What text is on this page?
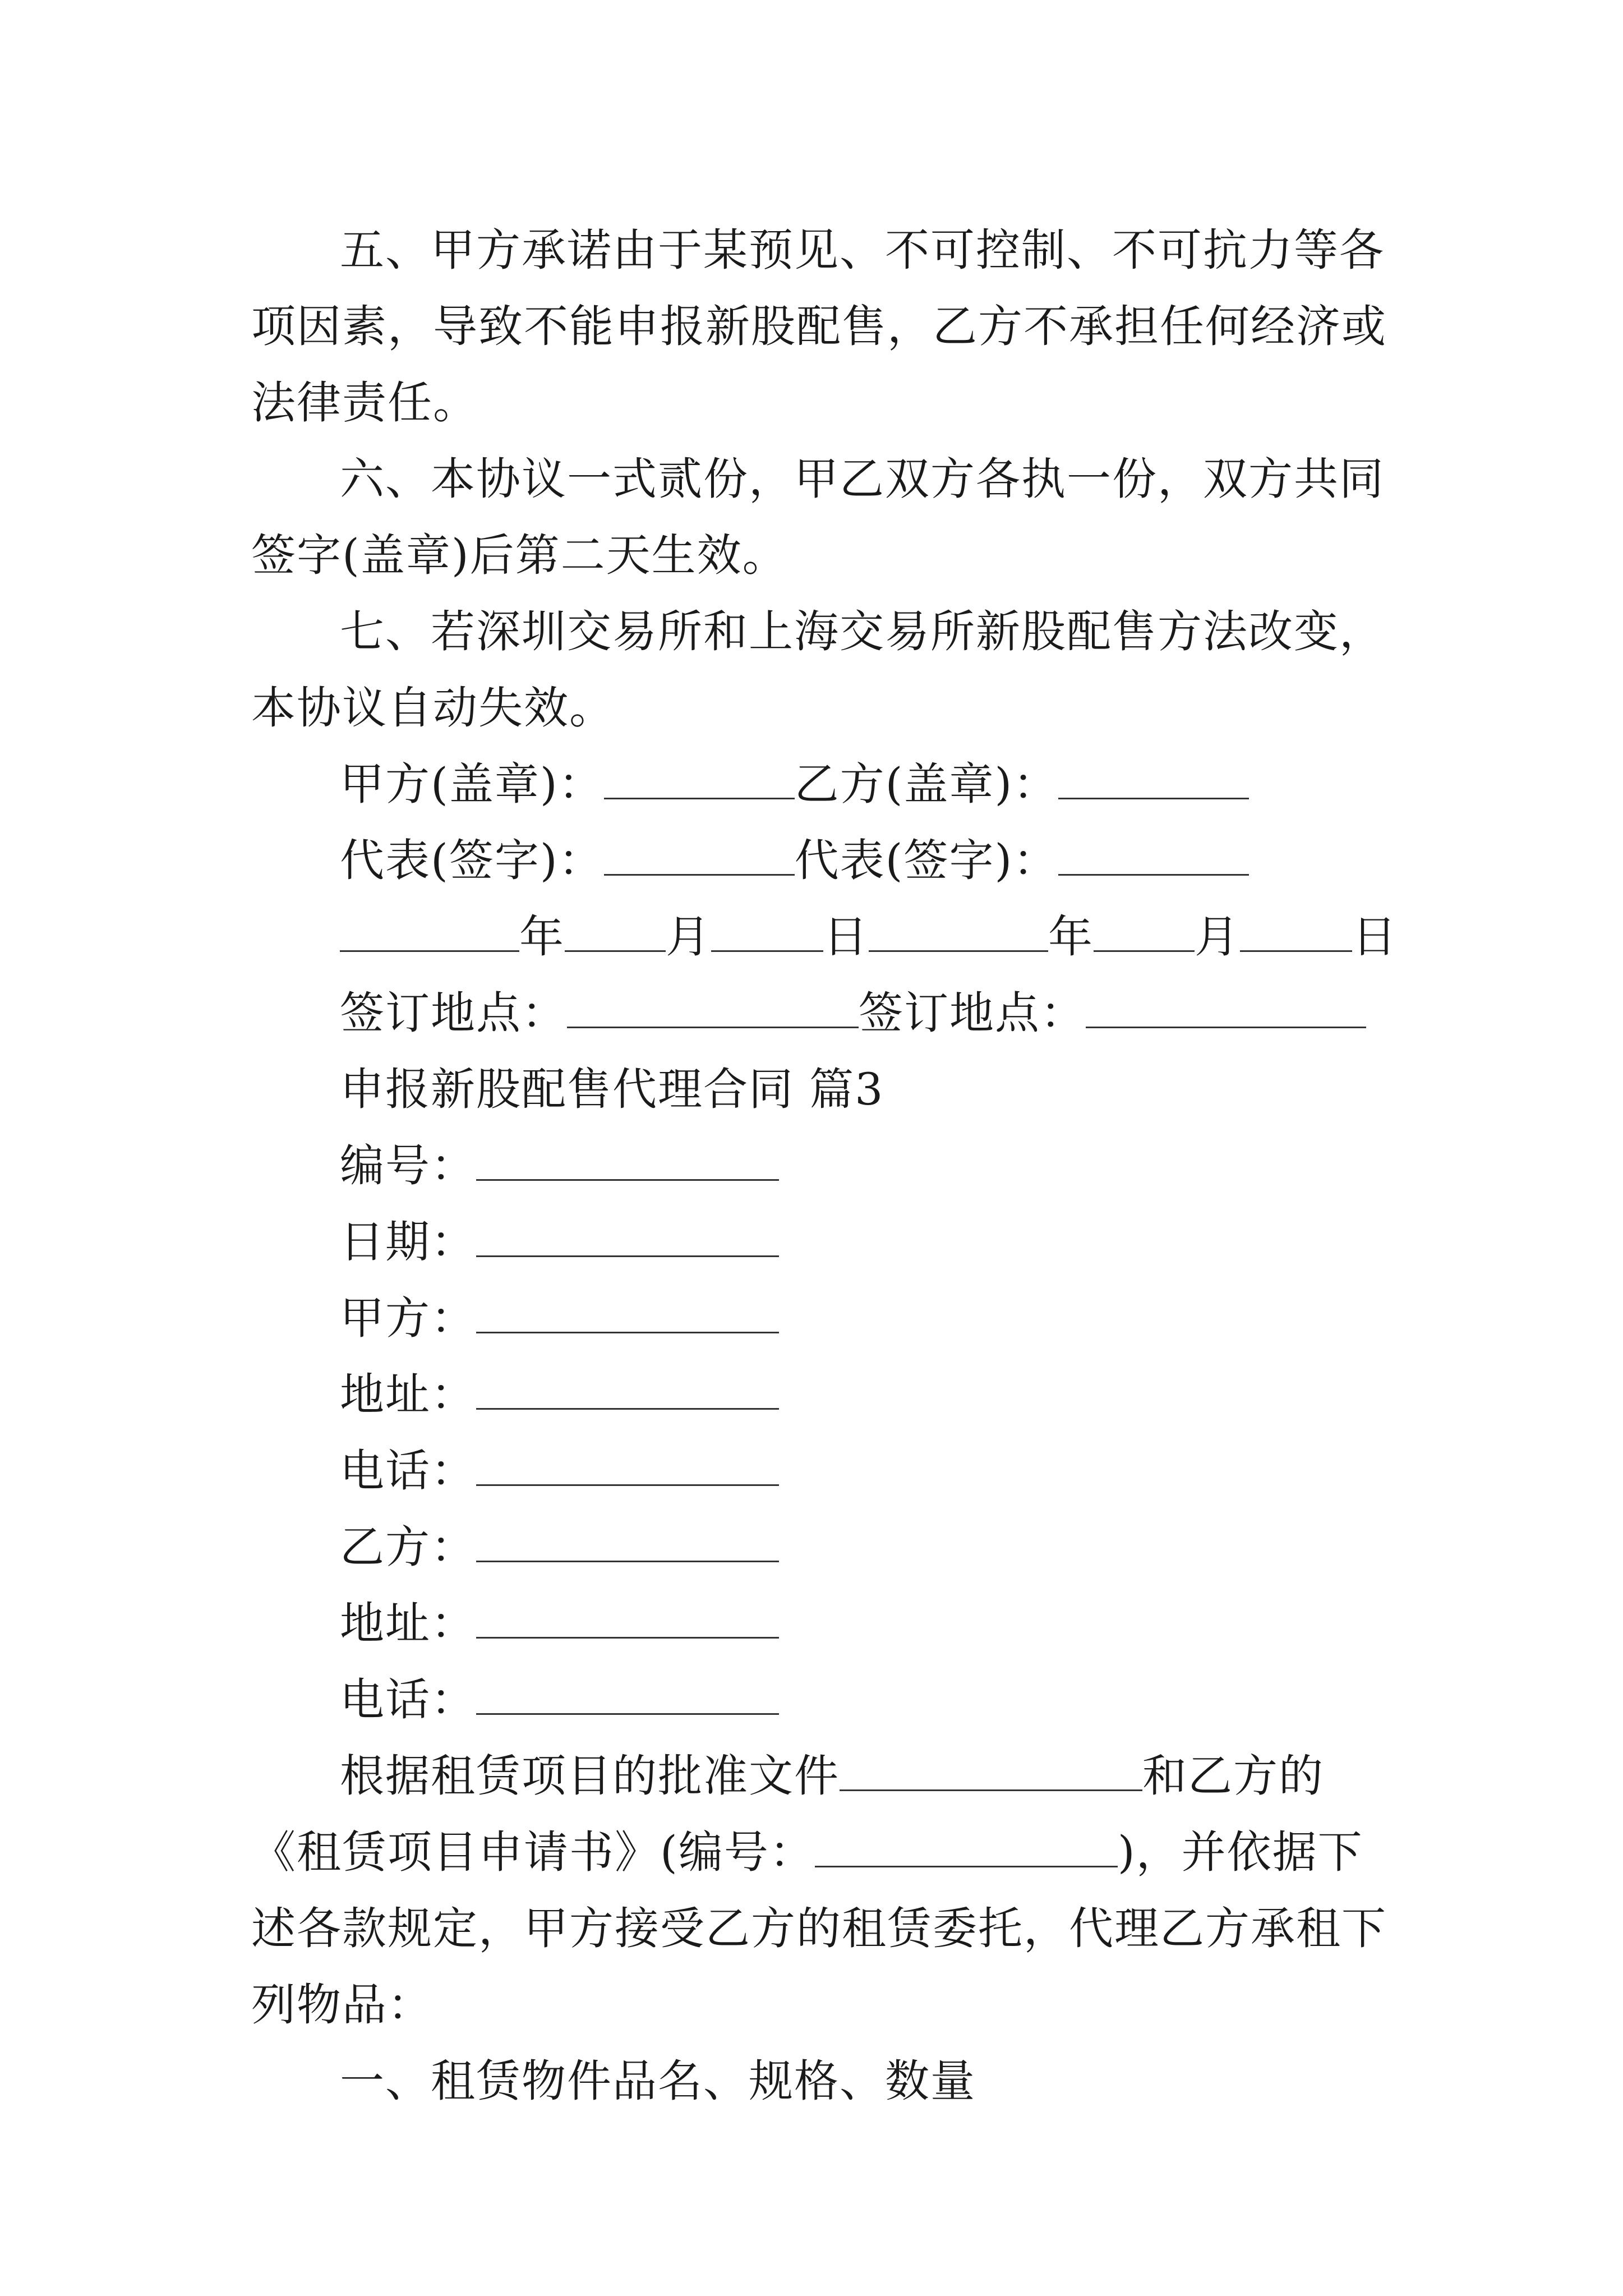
五、甲方承诺由于某预见、不可控制、不可抗力等各项因素，导致不能申报新股配售，乙方不承担任何经济或法律责任。

六、本协议一式贰份，甲乙双方各执一份，双方共同签字(盖章)后第二天生效。

七、若深圳交易所和上海交易所新股配售方法改变，本协议自动失效。

甲方(盖章)：	乙方(盖章)：
代表(签字)：	代表(签字)：
年 月	日	年 月	日
签订地点：	签订地点：
申报新股配售代理合同 篇3
编号：
日期：
甲方：
地址：
电话：
乙方：
地址：
电话：

根据租赁项目的批准文件	和乙方的《租赁项目申请书》(编号：	)，并依据下述各款规定，甲方接受乙方的租赁委托，代理乙方承租下列物品：

一、租赁物件品名、规格、数量
